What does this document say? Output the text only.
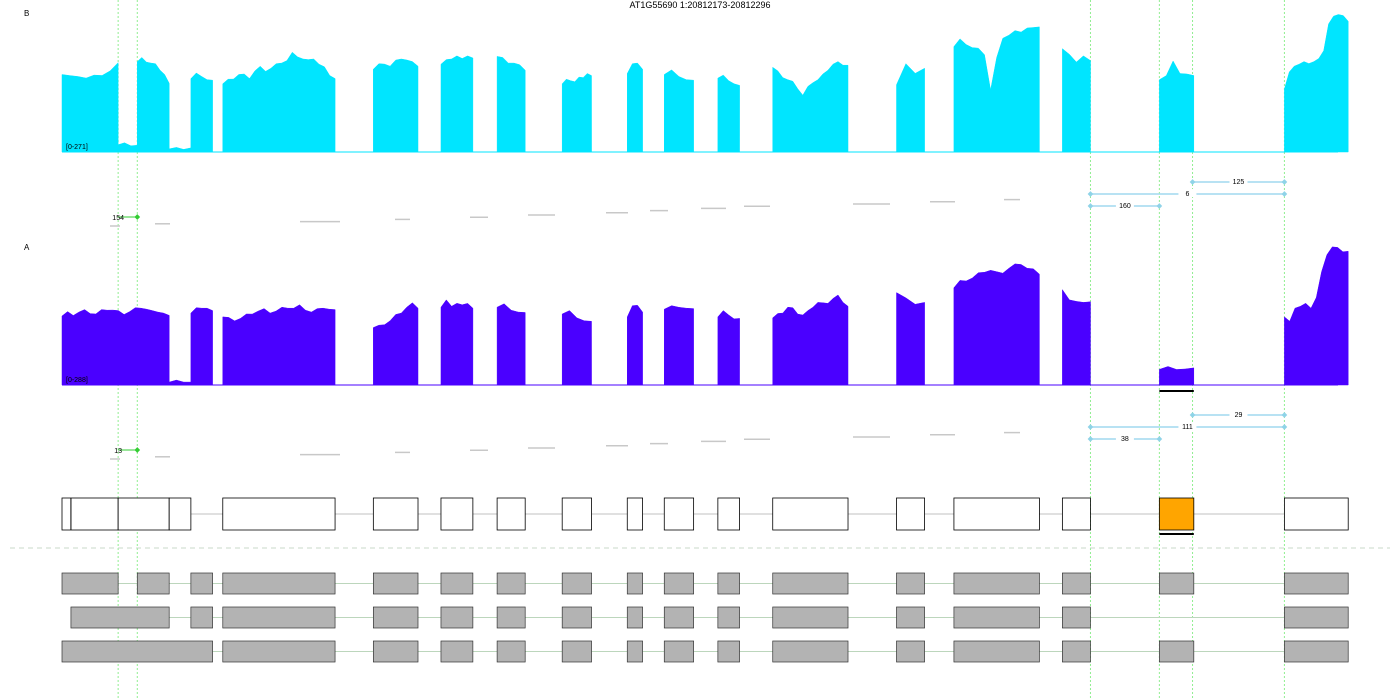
AT1G55690 1:20812173-20812296
B
[0-271]
154
160
6
125
A
[0-288]
13
38
111
29
